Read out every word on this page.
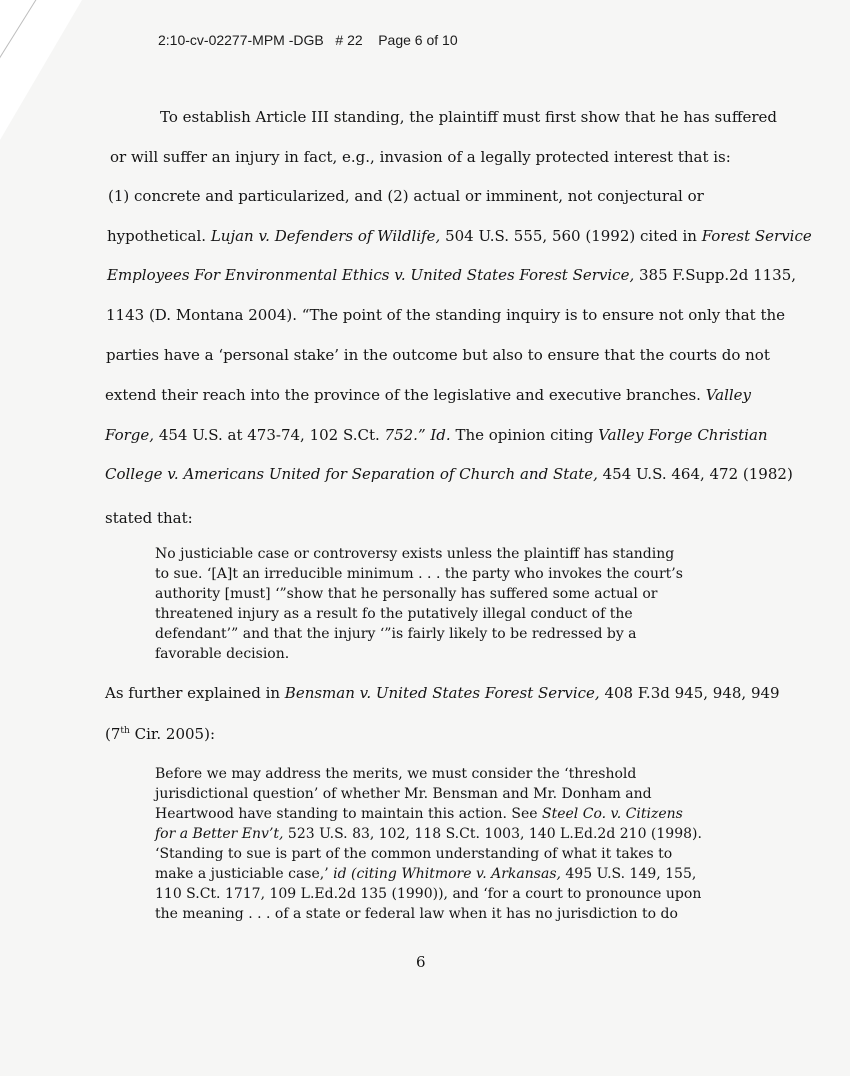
2:10-cv-02277-MPM -DGB # 22 Page 6 of 10
To establish Article III standing, the plaintiff must first show that he has suffered
or will suffer an injury in fact, e.g., invasion of a legally protected interest that is:
(1) concrete and particularized, and (2) actual or imminent, not conjectural or
hypothetical. Lujan v. Defenders of Wildlife, 504 U.S. 555, 560 (1992) cited in Forest Service
Employees For Environmental Ethics v. United States Forest Service, 385 F.Supp.2d 1135,
1143 (D. Montana 2004). “The point of the standing inquiry is to ensure not only that the
parties have a ‘personal stake’ in the outcome but also to ensure that the courts do not
extend their reach into the province of the legislative and executive branches. Valley
Forge, 454 U.S. at 473-74, 102 S.Ct. 752.” Id. The opinion citing Valley Forge Christian
College v. Americans United for Separation of Church and State, 454 U.S. 464, 472 (1982)
stated that:
No justiciable case or controversy exists unless the plaintiff has standing
to sue. ‘[A]t an irreducible minimum . . . the party who invokes the court’s
authority [must] ‘”show that he personally has suffered some actual or
threatened injury as a result fo the putatively illegal conduct of the
defendant’” and that the injury ‘”is fairly likely to be redressed by a
favorable decision.
As further explained in Bensman v. United States Forest Service, 408 F.3d 945, 948, 949
(7th Cir. 2005):
Before we may address the merits, we must consider the ‘threshold
jurisdictional question’ of whether Mr. Bensman and Mr. Donham and
Heartwood have standing to maintain this action. See Steel Co. v. Citizens
for a Better Env’t, 523 U.S. 83, 102, 118 S.Ct. 1003, 140 L.Ed.2d 210 (1998).
‘Standing to sue is part of the common understanding of what it takes to
make a justiciable case,’ id (citing Whitmore v. Arkansas, 495 U.S. 149, 155,
110 S.Ct. 1717, 109 L.Ed.2d 135 (1990)), and ‘for a court to pronounce upon
the meaning . . . of a state or federal law when it has no jurisdiction to do
6
